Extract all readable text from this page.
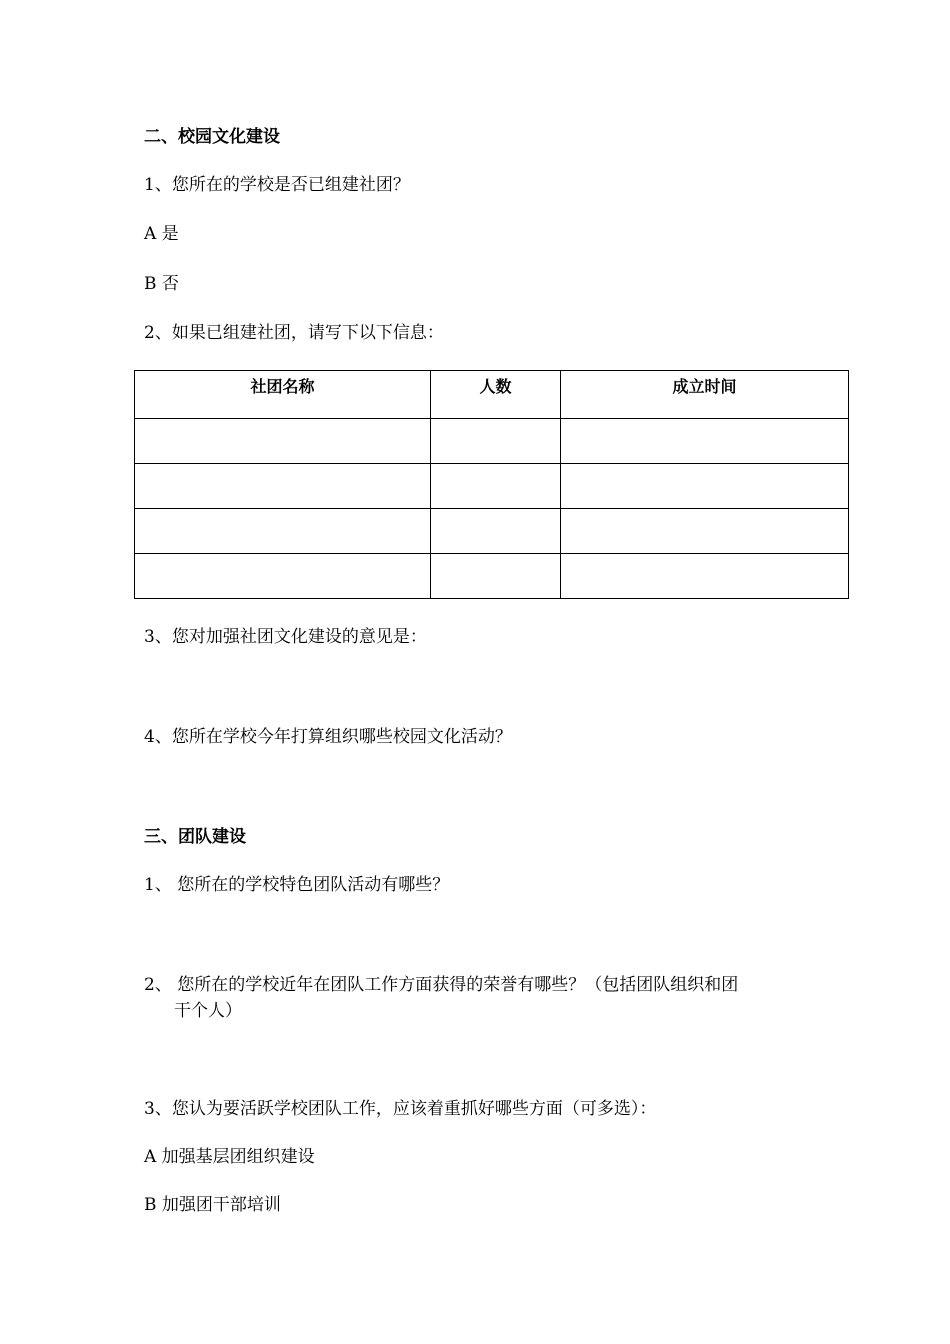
二、校园文化建设
1、您所在的学校是否已组建社团？
A 是
B 否
2、如果已组建社团，请写下以下信息：
社团名称	人数	成立时间

3、您对加强社团文化建设的意见是：
4、您所在学校今年打算组织哪些校园文化活动？
三、团队建设
1、 您所在的学校特色团队活动有哪些？
2、 您所在的学校近年在团队工作方面获得的荣誉有哪些？（包括团队组织和团
干个人）
3、您认为要活跃学校团队工作，应该着重抓好哪些方面（可多选）：
A 加强基层团组织建设
B 加强团干部培训
